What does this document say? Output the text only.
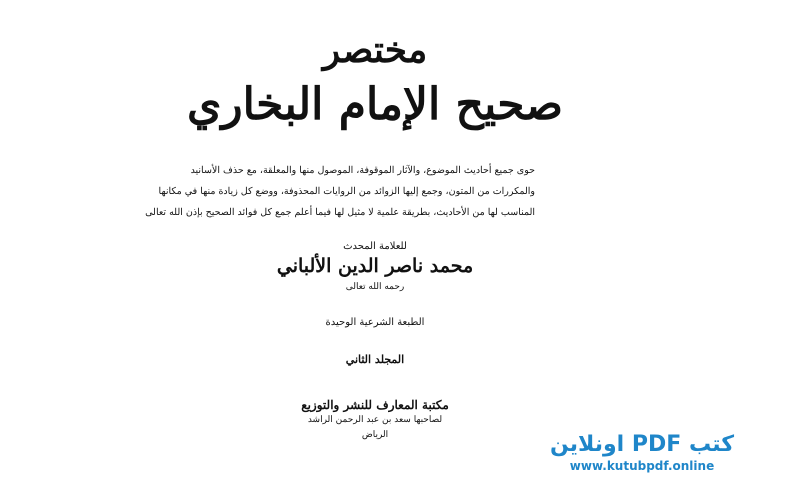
مختصر
صحيح الإمام البخاري
حوى جميع أحاديث الموضوع، والآثار الموقوفة، الموصول منها والمعلقة، مع حذف الأسانيد
والمكررات من المتون، وجمع إليها الزوائد من الروايات المحذوفة، ووضع كل زيادة منها في مكانها
المناسب لها من الأحاديث، بطريقة علمية لا مثيل لها فيما أعلم جمع كل فوائد الصحيح بإذن الله تعالى
للعلامة المحدث
محمد ناصر الدين الألباني
رحمه الله تعالى
الطبعة الشرعية الوحيدة
المجلد الثاني
مكتبة المعارف للنشر والتوزيع
لصاحبها سعد بن عبد الرحمن الراشد
الرياض	كتب PDF اونلاين
www.kutubpdf.online
